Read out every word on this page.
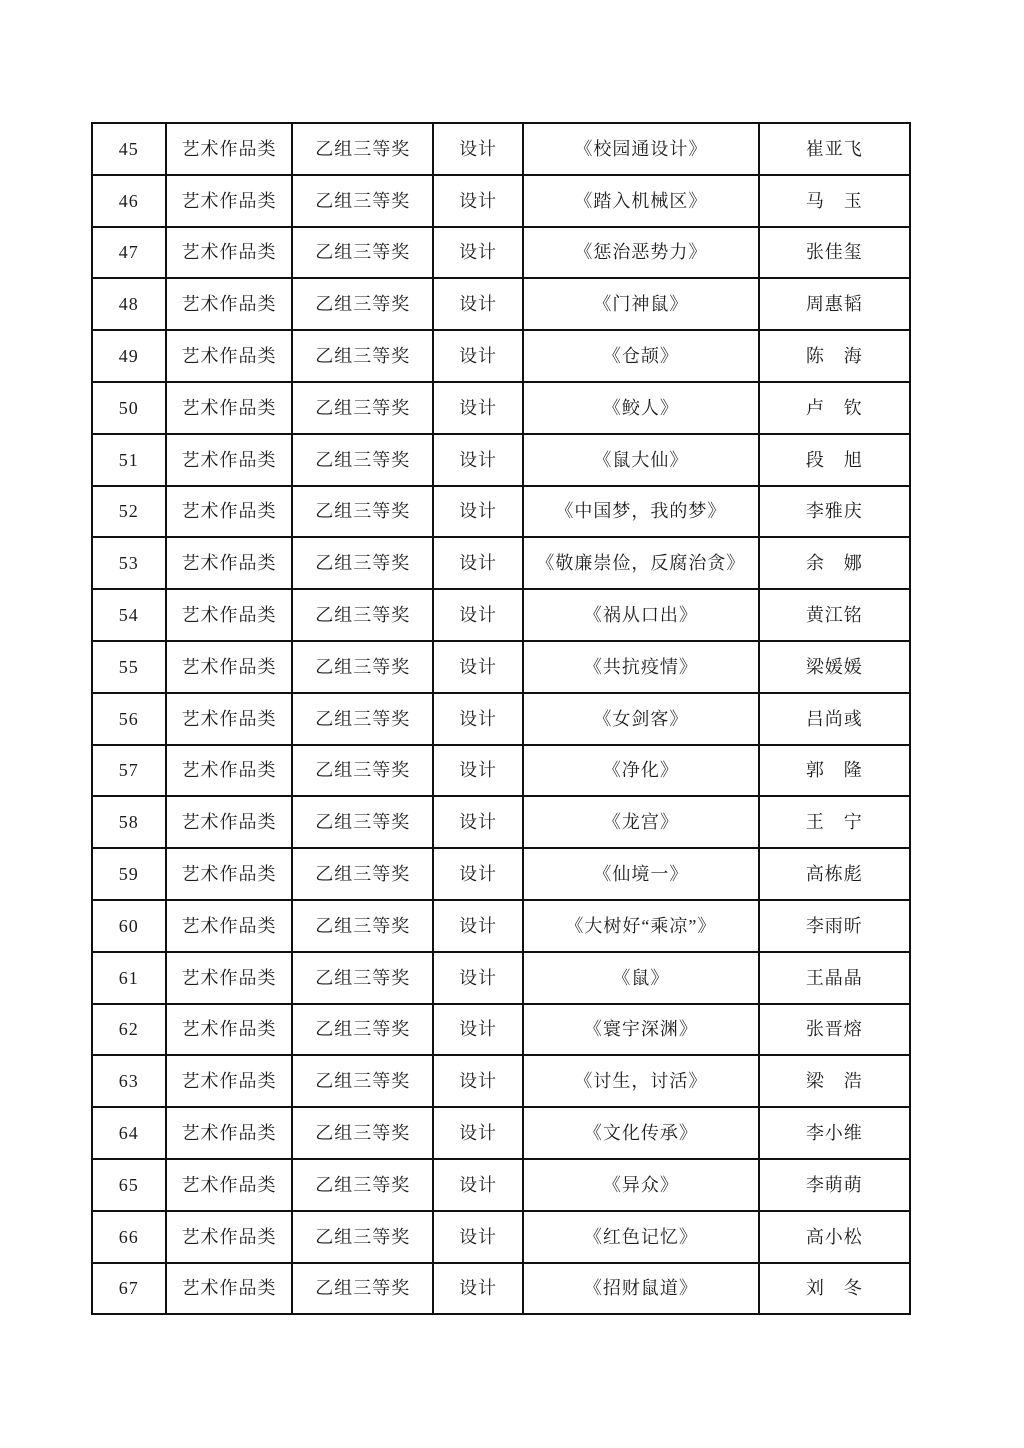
45	艺术作品类	乙组三等奖	设计	《校园通设计》	崔亚飞
46	艺术作品类	乙组三等奖	设计	《踏入机械区》	马　玉
47	艺术作品类	乙组三等奖	设计	《惩治恶势力》	张佳玺
48	艺术作品类	乙组三等奖	设计	《门神鼠》	周惠韬
49	艺术作品类	乙组三等奖	设计	《仓颉》	陈　海
50	艺术作品类	乙组三等奖	设计	《鲛人》	卢　钦
51	艺术作品类	乙组三等奖	设计	《鼠大仙》	段　旭
52	艺术作品类	乙组三等奖	设计	《中国梦，我的梦》	李雅庆
53	艺术作品类	乙组三等奖	设计	《敬廉崇俭，反腐治贪》	余　娜
54	艺术作品类	乙组三等奖	设计	《祸从口出》	黄江铭
55	艺术作品类	乙组三等奖	设计	《共抗疫情》	梁媛媛
56	艺术作品类	乙组三等奖	设计	《女剑客》	吕尚彧
57	艺术作品类	乙组三等奖	设计	《净化》	郭　隆
58	艺术作品类	乙组三等奖	设计	《龙宫》	王　宁
59	艺术作品类	乙组三等奖	设计	《仙境一》	高栋彪
60	艺术作品类	乙组三等奖	设计	《大树好“乘凉”》	李雨昕
61	艺术作品类	乙组三等奖	设计	《鼠》	王晶晶
62	艺术作品类	乙组三等奖	设计	《寰宇深渊》	张晋熔
63	艺术作品类	乙组三等奖	设计	《讨生，讨活》	梁　浩
64	艺术作品类	乙组三等奖	设计	《文化传承》	李小维
65	艺术作品类	乙组三等奖	设计	《异众》	李萌萌
66	艺术作品类	乙组三等奖	设计	《红色记忆》	高小松
67	艺术作品类	乙组三等奖	设计	《招财鼠道》	刘　冬
